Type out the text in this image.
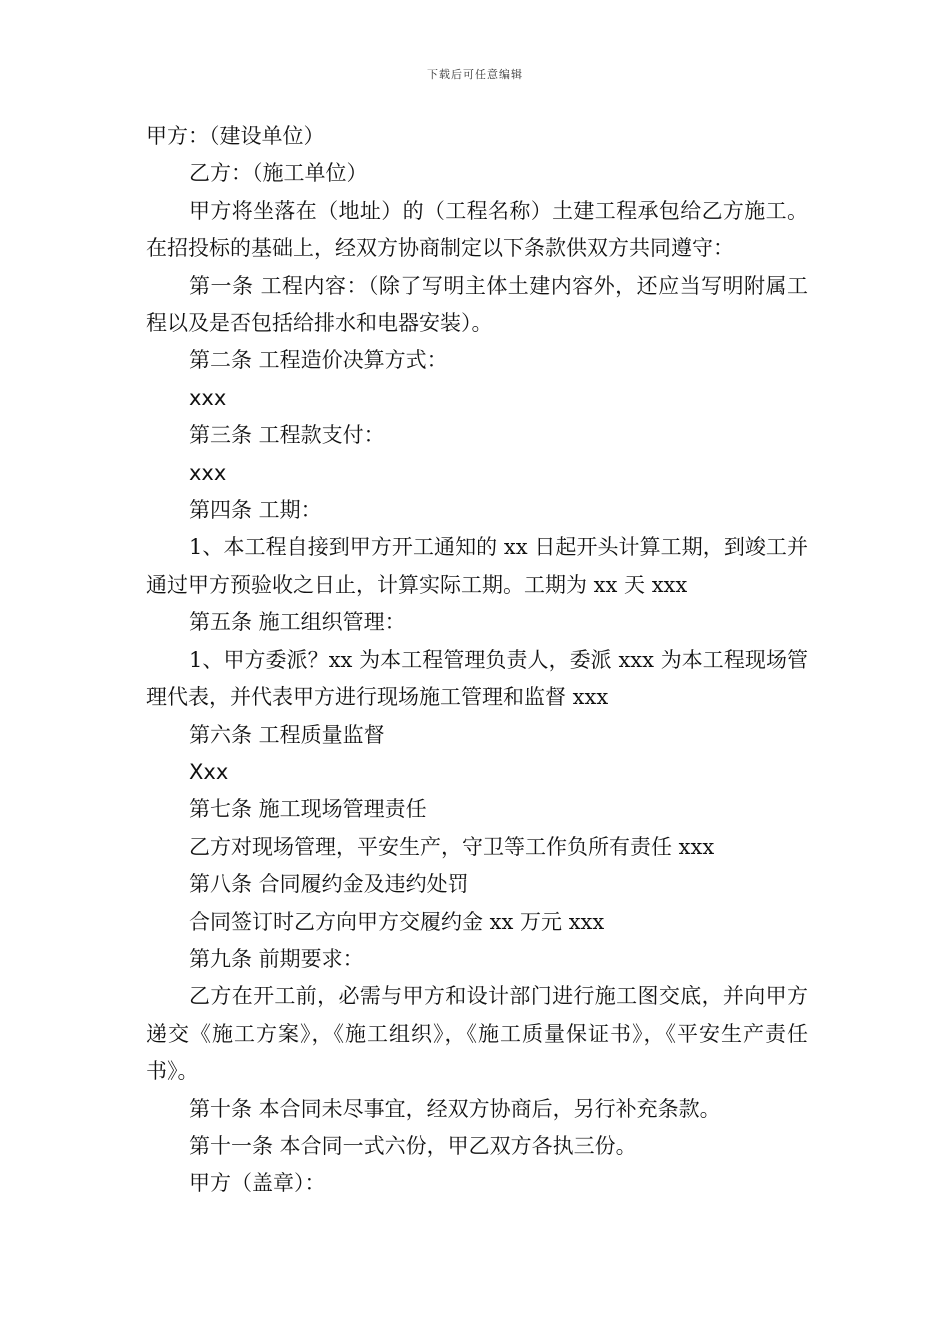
下载后可任意编辑

甲方：（建设单位）

乙方：（施工单位）

甲方将坐落在（地址）的（工程名称）土建工程承包给乙方施工。在招投标的基础上，经双方协商制定以下条款供双方共同遵守：

第一条 工程内容：（除了写明主体土建内容外，还应当写明附属工程以及是否包括给排水和电器安装）。

第二条 工程造价决算方式：

xxx

第三条 工程款支付：

xxx

第四条 工期：

1、本工程自接到甲方开工通知的 xx 日起开头计算工期，到竣工并通过甲方预验收之日止，计算实际工期。工期为 xx 天 xxx

第五条 施工组织管理：

1、甲方委派？xx 为本工程管理负责人，委派 xxx 为本工程现场管理代表，并代表甲方进行现场施工管理和监督 xxx

第六条 工程质量监督

Xxx

第七条 施工现场管理责任

乙方对现场管理，平安生产，守卫等工作负所有责任 xxx

第八条 合同履约金及违约处罚

合同签订时乙方向甲方交履约金 xx 万元 xxx

第九条 前期要求：

乙方在开工前，必需与甲方和设计部门进行施工图交底，并向甲方递交《施工方案》，《施工组织》，《施工质量保证书》，《平安生产责任书》。

第十条 本合同未尽事宜，经双方协商后，另行补充条款。

第十一条 本合同一式六份，甲乙双方各执三份。

甲方（盖章）：
